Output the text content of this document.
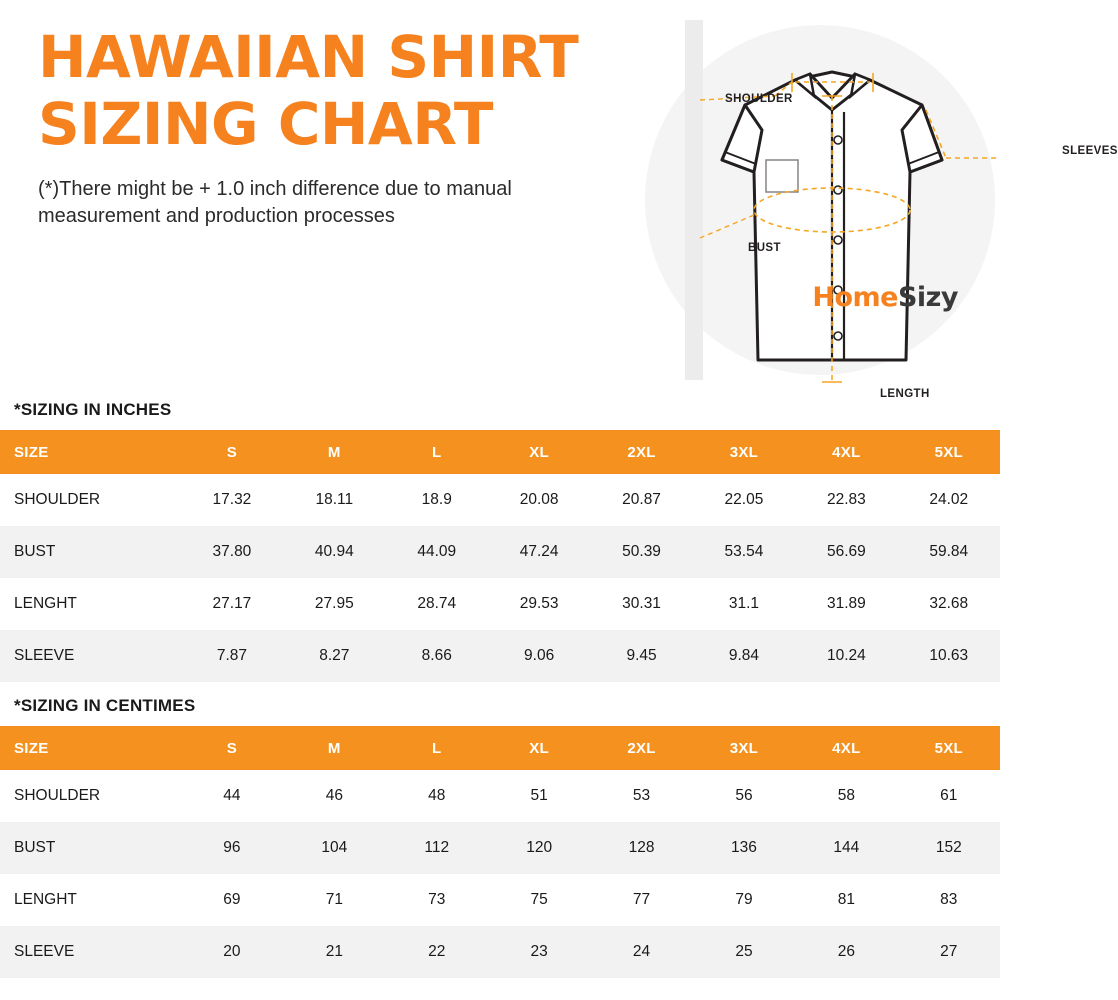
HAWAIIAN SHIRT
SIZING CHART
(*)There might be + 1.0 inch difference due to manual measurement and production processes
SHOULDER
SLEEVES
BUST
LENGTH
HomeSizy
*SIZING IN INCHES
SIZE	S	M	L	XL	2XL	3XL	4XL	5XL
SHOULDER	17.32	18.11	18.9	20.08	20.87	22.05	22.83	24.02
BUST	37.80	40.94	44.09	47.24	50.39	53.54	56.69	59.84
LENGHT	27.17	27.95	28.74	29.53	30.31	31.1	31.89	32.68
SLEEVE	7.87	8.27	8.66	9.06	9.45	9.84	10.24	10.63
*SIZING IN CENTIMES
SIZE	S	M	L	XL	2XL	3XL	4XL	5XL
SHOULDER	44	46	48	51	53	56	58	61
BUST	96	104	112	120	128	136	144	152
LENGHT	69	71	73	75	77	79	81	83
SLEEVE	20	21	22	23	24	25	26	27
